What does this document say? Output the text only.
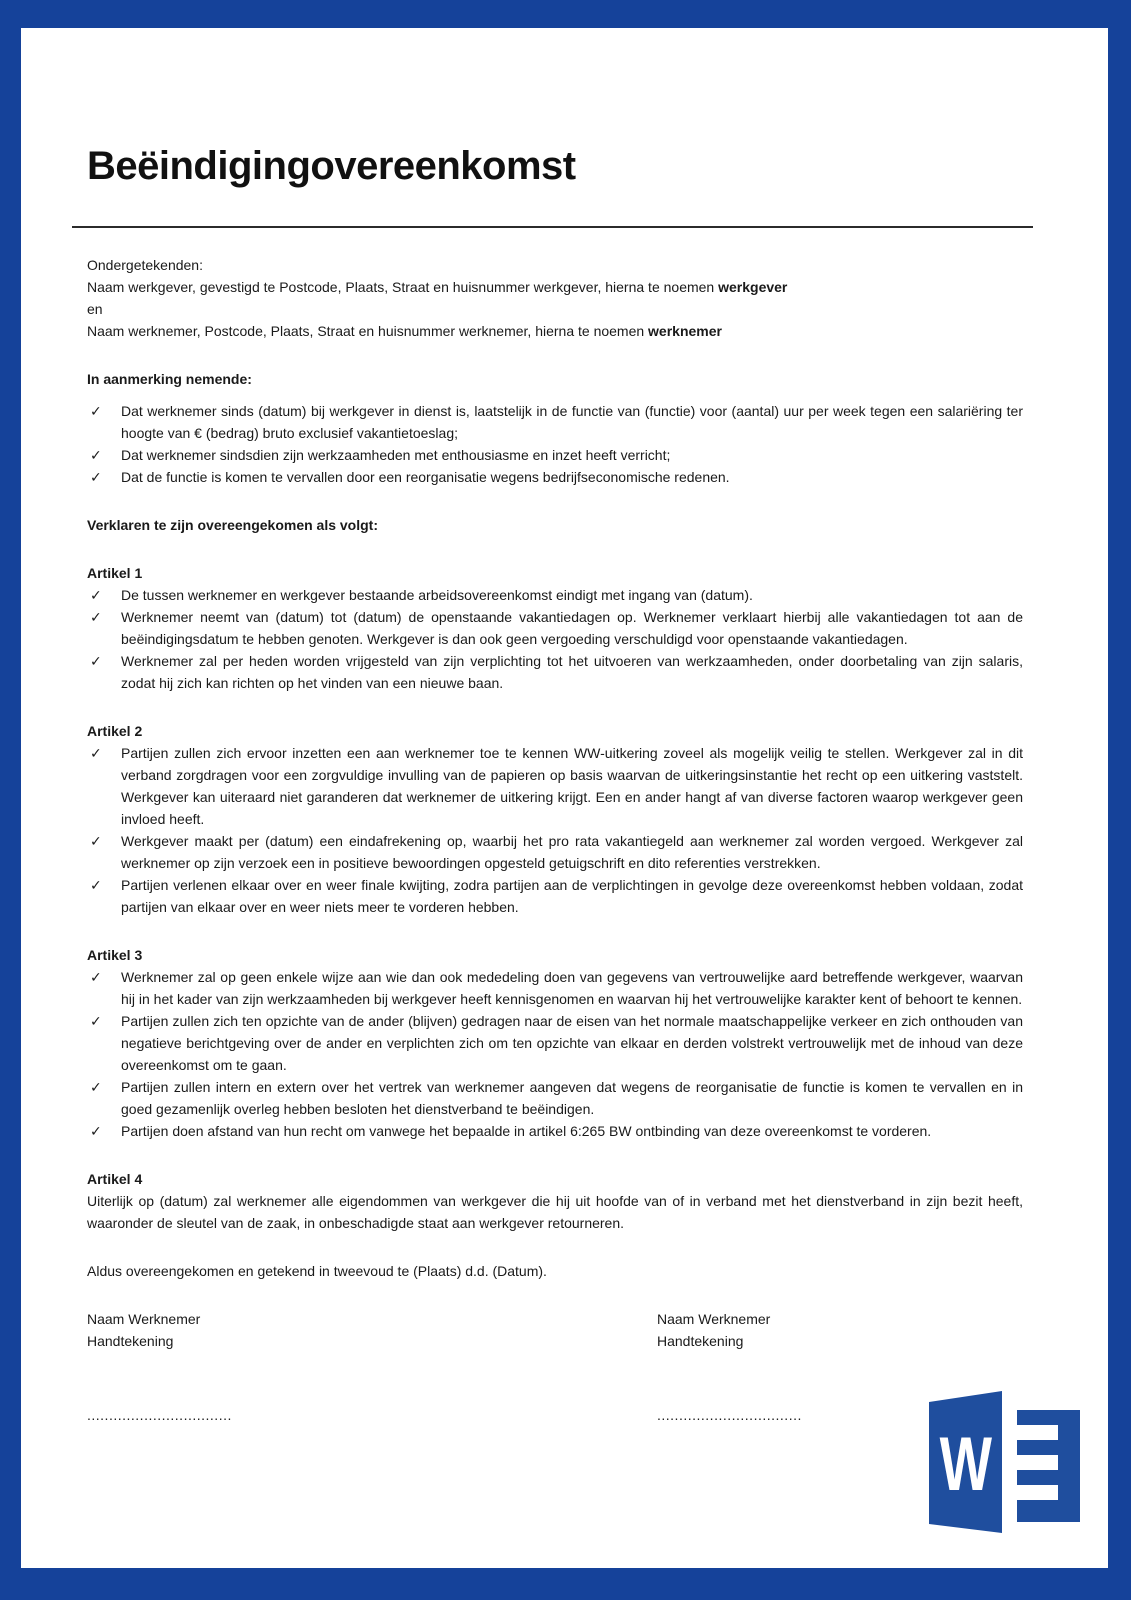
Beëindigingovereenkomst

Ondergetekenden:

Naam werkgever, gevestigd te Postcode, Plaats, Straat en huisnummer werkgever, hierna te noemen werkgever

en

Naam werknemer, Postcode, Plaats, Straat en huisnummer werknemer, hierna te noemen werknemer

In aanmerking nemende:

✓	Dat werknemer sinds (datum) bij werkgever in dienst is, laatstelijk in de functie van (functie) voor (aantal) uur per week tegen een salariëring ter hoogte van € (bedrag) bruto exclusief vakantietoeslag;
✓	Dat werknemer sindsdien zijn werkzaamheden met enthousiasme en inzet heeft verricht;
✓	Dat de functie is komen te vervallen door een reorganisatie wegens bedrijfseconomische redenen.

Verklaren te zijn overeengekomen als volgt:

Artikel 1

✓	De tussen werknemer en werkgever bestaande arbeidsovereenkomst eindigt met ingang van (datum).
✓	Werknemer neemt van (datum) tot (datum) de openstaande vakantiedagen op. Werknemer verklaart hierbij alle vakantiedagen tot aan de beëindigingsdatum te hebben genoten. Werkgever is dan ook geen vergoeding verschuldigd voor openstaande vakantiedagen.
✓	Werknemer zal per heden worden vrijgesteld van zijn verplichting tot het uitvoeren van werkzaamheden, onder doorbetaling van zijn salaris, zodat hij zich kan richten op het vinden van een nieuwe baan.

Artikel 2

✓	Partijen zullen zich ervoor inzetten een aan werknemer toe te kennen WW-uitkering zoveel als mogelijk veilig te stellen. Werkgever zal in dit verband zorgdragen voor een zorgvuldige invulling van de papieren op basis waarvan de uitkeringsinstantie het recht op een uitkering vaststelt. Werkgever kan uiteraard niet garanderen dat werknemer de uitkering krijgt. Een en ander hangt af van diverse factoren waarop werkgever geen invloed heeft.
✓	Werkgever maakt per (datum) een eindafrekening op, waarbij het pro rata vakantiegeld aan werknemer zal worden vergoed. Werkgever zal werknemer op zijn verzoek een in positieve bewoordingen opgesteld getuigschrift en dito referenties verstrekken.
✓	Partijen verlenen elkaar over en weer finale kwijting, zodra partijen aan de verplichtingen in gevolge deze overeenkomst hebben voldaan, zodat partijen van elkaar over en weer niets meer te vorderen hebben.

Artikel 3

✓	Werknemer zal op geen enkele wijze aan wie dan ook mededeling doen van gegevens van vertrouwelijke aard betreffende werkgever, waarvan hij in het kader van zijn werkzaamheden bij werkgever heeft kennisgenomen en waarvan hij het vertrouwelijke karakter kent of behoort te kennen.
✓	Partijen zullen zich ten opzichte van de ander (blijven) gedragen naar de eisen van het normale maatschappelijke verkeer en zich onthouden van negatieve berichtgeving over de ander en verplichten zich om ten opzichte van elkaar en derden volstrekt vertrouwelijk met de inhoud van deze overeenkomst om te gaan.
✓	Partijen zullen intern en extern over het vertrek van werknemer aangeven dat wegens de reorganisatie de functie is komen te vervallen en in goed gezamenlijk overleg hebben besloten het dienstverband te beëindigen.
✓	Partijen doen afstand van hun recht om vanwege het bepaalde in artikel 6:265 BW ontbinding van deze overeenkomst te vorderen.

Artikel 4

Uiterlijk op (datum) zal werknemer alle eigendommen van werkgever die hij uit hoofde van of in verband met het dienstverband in zijn bezit heeft, waaronder de sleutel van de zaak, in onbeschadigde staat aan werkgever retourneren.

Aldus overeengekomen en getekend in tweevoud te (Plaats) d.d. (Datum).

Naam Werknemer

Handtekening

.................................

Naam Werknemer

Handtekening

.................................

W
